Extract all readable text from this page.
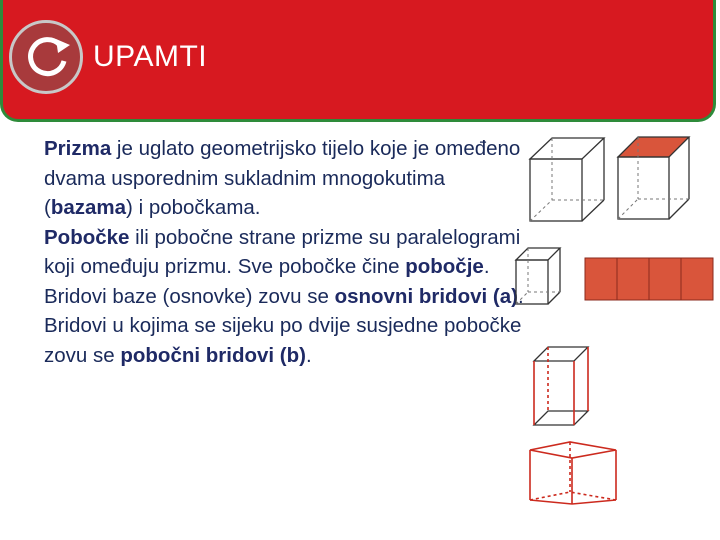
UPAMTI

Prizma je uglato geometrijsko tijelo koje je omeđeno dvama usporednim sukladnim mnogokutima (bazama) i pobočkama.

Pobočke ili pobočne strane prizme su paralelogrami koji omeđuju prizmu. Sve pobočke čine pobočje.

Bridovi baze (osnovke) zovu se osnovni bridovi (a).

Bridovi u kojima se sijeku po dvije susjedne pobočke zovu se pobočni bridovi (b).
